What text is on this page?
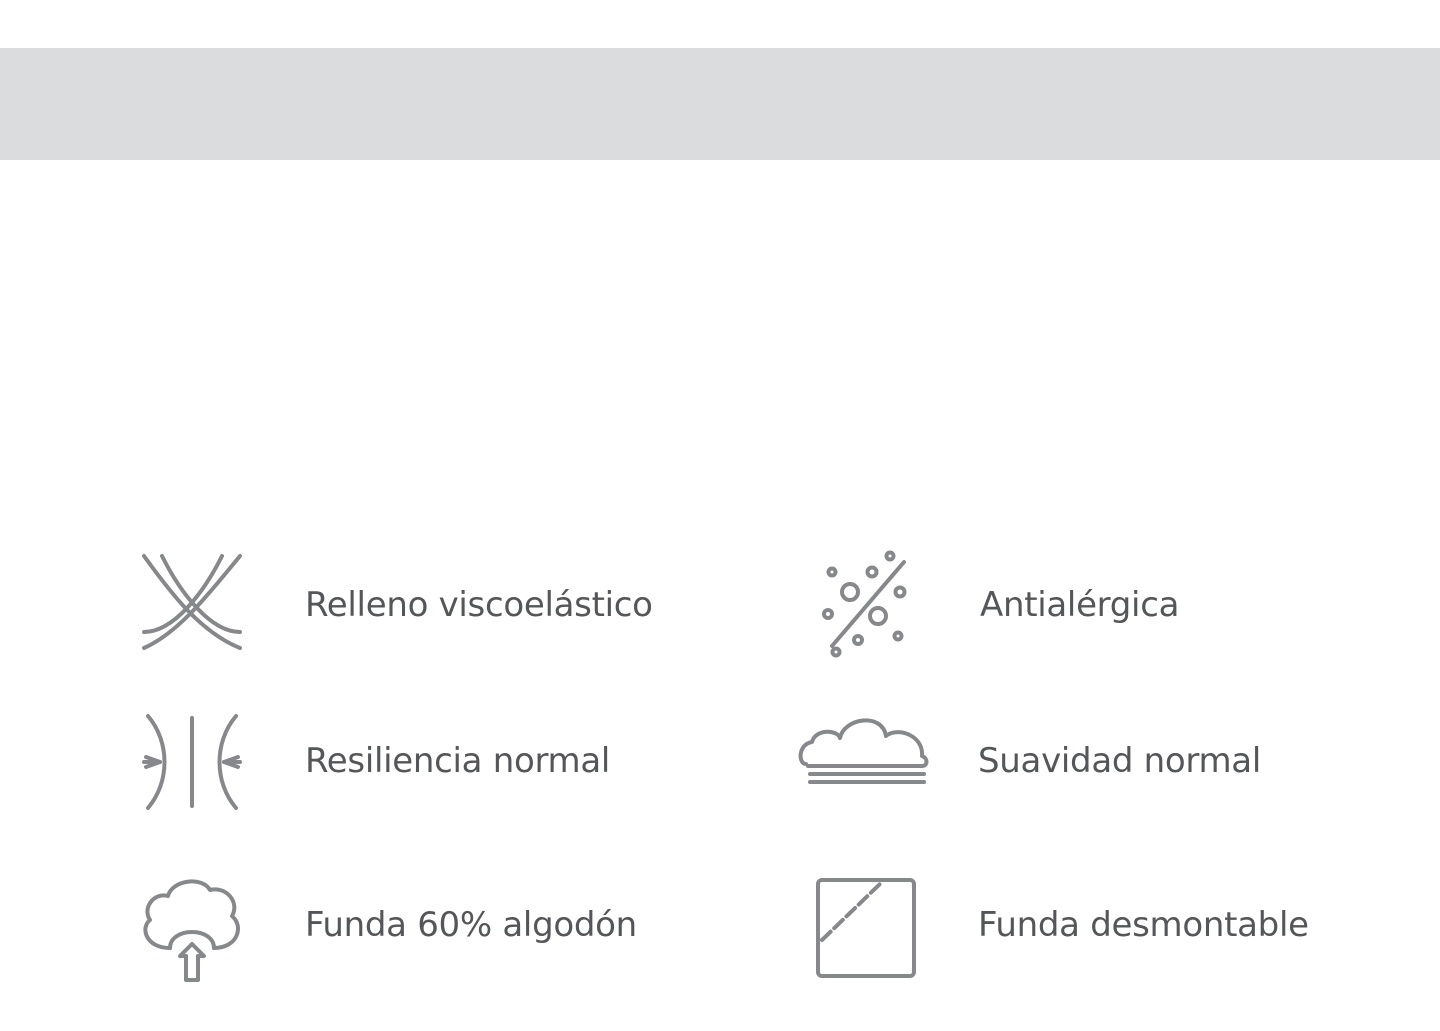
Relleno viscoelástico	Antialérgica
Resiliencia normal	Suavidad normal
Funda 60% algodón	Funda desmontable
